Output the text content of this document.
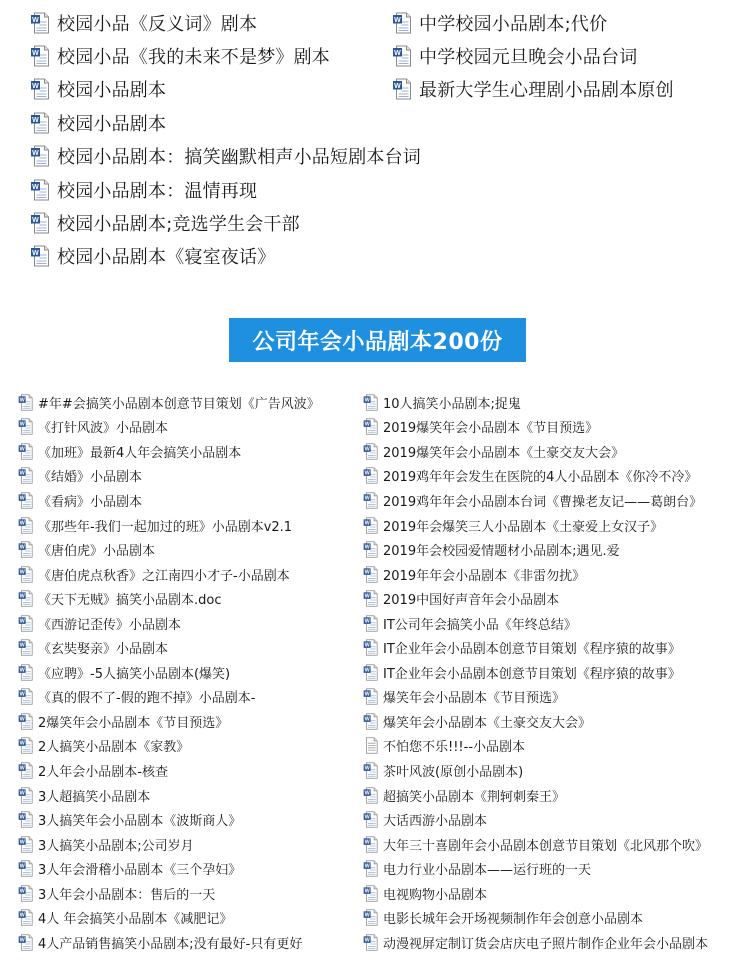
校园小品《反义词》剧本
校园小品《我的未来不是梦》剧本
校园小品剧本
校园小品剧本
校园小品剧本：搞笑幽默相声小品短剧本台词
校园小品剧本：温情再现
校园小品剧本;竞选学生会干部
校园小品剧本《寝室夜话》
中学校园小品剧本;代价
中学校园元旦晚会小品台词
最新大学生心理剧小品剧本原创
公司年会小品剧本200份
#年#会搞笑小品剧本创意节目策划《广告风波》
《打针风波》小品剧本
《加班》最新4人年会搞笑小品剧本
《结婚》小品剧本
《看病》小品剧本
《那些年-我们一起加过的班》小品剧本v2.1
《唐伯虎》小品剧本
《唐伯虎点秋香》之江南四小才子-小品剧本
《天下无贼》搞笑小品剧本.doc
《西游记歪传》小品剧本
《玄奘娶亲》小品剧本
《应聘》-5人搞笑小品剧本(爆笑)
《真的假不了-假的跑不掉》小品剧本-
2爆笑年会小品剧本《节目预选》
2人搞笑小品剧本《家教》
2人年会小品剧本-核查
3人超搞笑小品剧本
3人搞笑年会小品剧本《波斯商人》
3人搞笑小品剧本;公司岁月
3人年会滑稽小品剧本《三个孕妇》
3人年会小品剧本：售后的一天
4人 年会搞笑小品剧本《减肥记》
4人产品销售搞笑小品剧本;没有最好-只有更好
10人搞笑小品剧本;捉鬼
2019爆笑年会小品剧本《节目预选》
2019爆笑年会小品剧本《土豪交友大会》
2019鸡年年会发生在医院的4人小品剧本《你冷不冷》
2019鸡年年会小品剧本台词《曹操老友记——葛朗台》
2019年会爆笑三人小品剧本《土豪爱上女汉子》
2019年会校园爱情题材小品剧本;遇见.爱
2019年年会小品剧本《非雷勿扰》
2019中国好声音年会小品剧本
IT公司年会搞笑小品《年终总结》
IT企业年会小品剧本创意节目策划《程序猿的故事》
IT企业年会小品剧本创意节目策划《程序猿的故事》
爆笑年会小品剧本《节目预选》
爆笑年会小品剧本《土豪交友大会》
不怕您不乐!!!--小品剧本
茶叶风波(原创小品剧本)
超搞笑小品剧本《荆轲刺秦王》
大话西游小品剧本
大年三十喜剧年会小品剧本创意节目策划《北风那个吹》
电力行业小品剧本——运行班的一天
电视购物小品剧本
电影长城年会开场视频制作年会创意小品剧本
动漫视屏定制订货会店庆电子照片制作企业年会小品剧本
